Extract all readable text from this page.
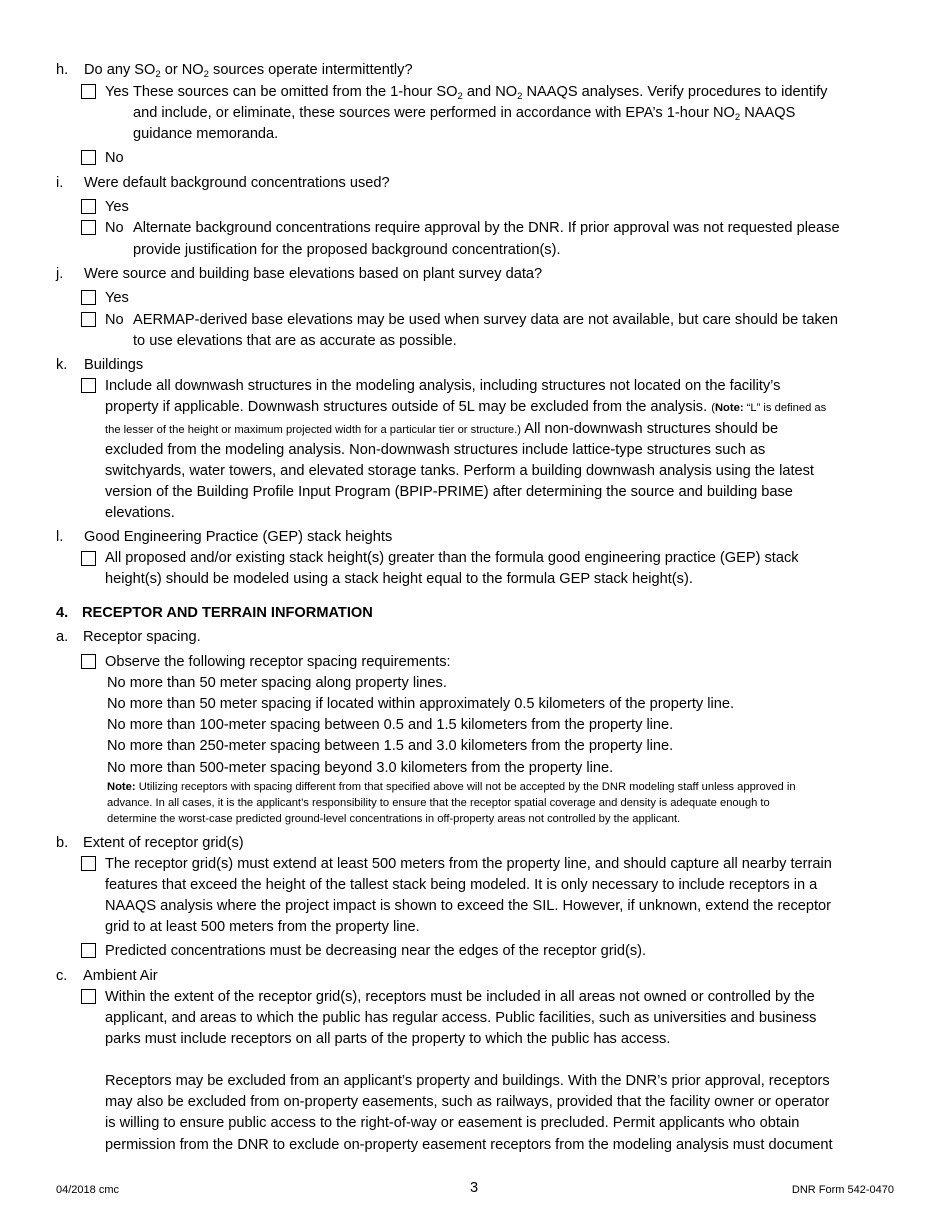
h. Do any $SO_2$ or $NO_2$ sources operate intermittently?
Yes These sources can be omitted from the 1-hour $SO_2$ and $NO_2$ NAAQS analyses. Verify procedures to identify
and include, or eliminate, these sources were performed in accordance with EPA’s 1-hour $NO_2$ NAAQS
guidance memoranda.
No
i. Were default background concentrations used?
Yes
No Alternate background concentrations require approval by the DNR. If prior approval was not requested please
provide justification for the proposed background concentration(s).
j. Were source and building base elevations based on plant survey data?
Yes
No AERMAP-derived base elevations may be used when survey data are not available, but care should be taken
to use elevations that are as accurate as possible.
k. Buildings
Include all downwash structures in the modeling analysis, including structures not located on the facility’s
property if applicable. Downwash structures outside of 5L may be excluded from the analysis. (Note: “L” is defined as
the lesser of the height or maximum projected width for a particular tier or structure.) All non-downwash structures should be
excluded from the modeling analysis. Non-downwash structures include lattice-type structures such as
switchyards, water towers, and elevated storage tanks. Perform a building downwash analysis using the latest
version of the Building Profile Input Program (BPIP-PRIME) after determining the source and building base
elevations.
l. Good Engineering Practice (GEP) stack heights
All proposed and/or existing stack height(s) greater than the formula good engineering practice (GEP) stack
height(s) should be modeled using a stack height equal to the formula GEP stack height(s).
4. RECEPTOR AND TERRAIN INFORMATION
a. Receptor spacing.
Observe the following receptor spacing requirements:
No more than 50 meter spacing along property lines.
No more than 50 meter spacing if located within approximately 0.5 kilometers of the property line.
No more than 100-meter spacing between 0.5 and 1.5 kilometers from the property line.
No more than 250-meter spacing between 1.5 and 3.0 kilometers from the property line.
No more than 500-meter spacing beyond 3.0 kilometers from the property line.
Note: Utilizing receptors with spacing different from that specified above will not be accepted by the DNR modeling staff unless approved in
advance. In all cases, it is the applicant’s responsibility to ensure that the receptor spatial coverage and density is adequate enough to
determine the worst-case predicted ground-level concentrations in off-property areas not controlled by the applicant.
b. Extent of receptor grid(s)
The receptor grid(s) must extend at least 500 meters from the property line, and should capture all nearby terrain
features that exceed the height of the tallest stack being modeled. It is only necessary to include receptors in a
NAAQS analysis where the project impact is shown to exceed the SIL. However, if unknown, extend the receptor
grid to at least 500 meters from the property line.
Predicted concentrations must be decreasing near the edges of the receptor grid(s).
c. Ambient Air
Within the extent of the receptor grid(s), receptors must be included in all areas not owned or controlled by the
applicant, and areas to which the public has regular access. Public facilities, such as universities and business
parks must include receptors on all parts of the property to which the public has access.
Receptors may be excluded from an applicant’s property and buildings. With the DNR’s prior approval, receptors
may also be excluded from on-property easements, such as railways, provided that the facility owner or operator
is willing to ensure public access to the right-of-way or easement is precluded. Permit applicants who obtain
permission from the DNR to exclude on-property easement receptors from the modeling analysis must document
04/2018 cmc	3	DNR Form 542-0470
